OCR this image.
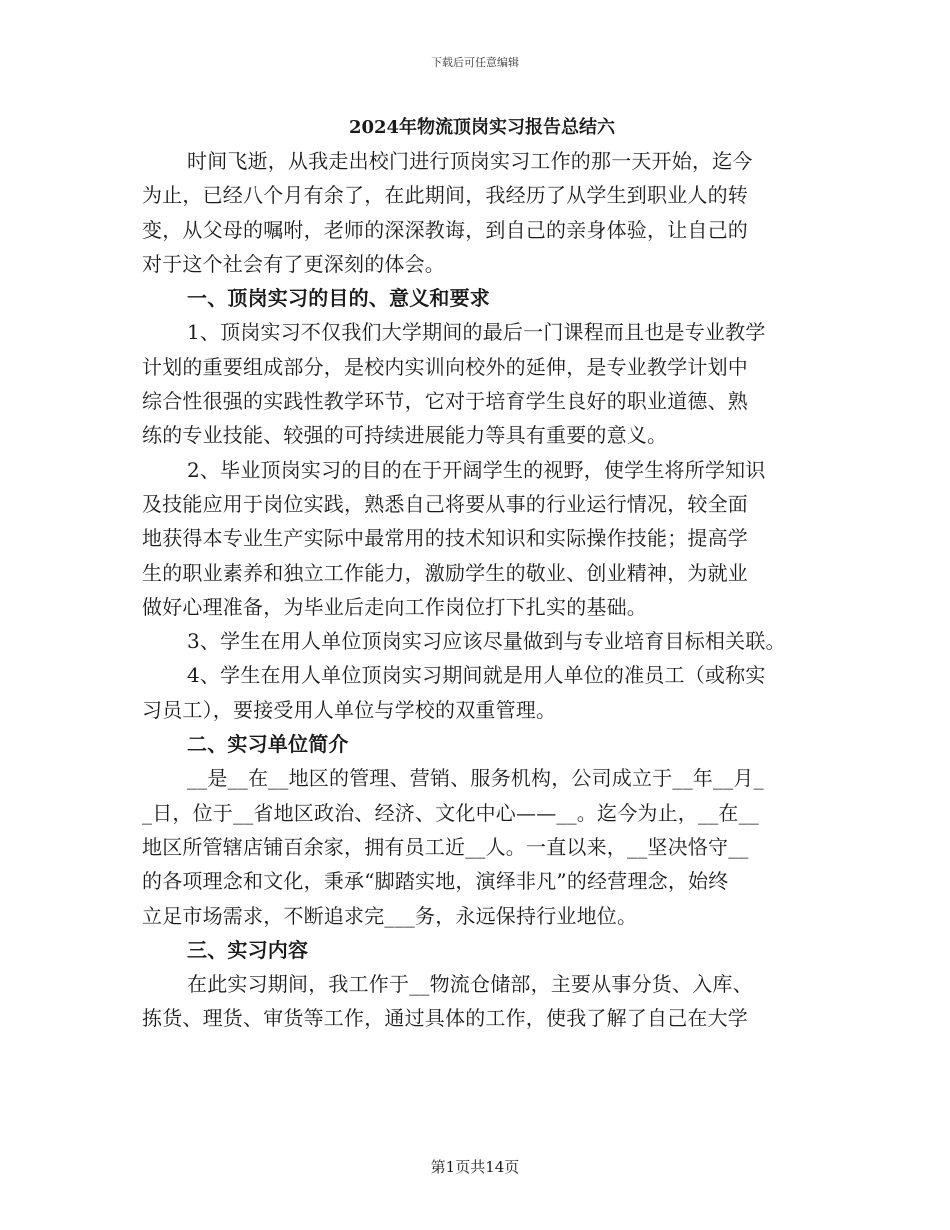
下载后可任意编辑
2024年物流顶岗实习报告总结六
时间飞逝，从我走出校门进行顶岗实习工作的那一天开始，迄今
为止，已经八个月有余了，在此期间，我经历了从学生到职业人的转
变，从父母的嘱咐，老师的深深教诲，到自己的亲身体验，让自己的
对于这个社会有了更深刻的体会。
一、顶岗实习的目的、意义和要求
1、顶岗实习不仅我们大学期间的最后一门课程而且也是专业教学
计划的重要组成部分，是校内实训向校外的延伸，是专业教学计划中
综合性很强的实践性教学环节，它对于培育学生良好的职业道德、熟
练的专业技能、较强的可持续进展能力等具有重要的意义。
2、毕业顶岗实习的目的在于开阔学生的视野，使学生将所学知识
及技能应用于岗位实践，熟悉自己将要从事的行业运行情况，较全面
地获得本专业生产实际中最常用的技术知识和实际操作技能；提高学
生的职业素养和独立工作能力，激励学生的敬业、创业精神，为就业
做好心理准备，为毕业后走向工作岗位打下扎实的基础。
3、学生在用人单位顶岗实习应该尽量做到与专业培育目标相关联。
4、学生在用人单位顶岗实习期间就是用人单位的准员工（或称实
习员工），要接受用人单位与学校的双重管理。
二、实习单位简介
__是__在__地区的管理、营销、服务机构，公司成立于__年__月_
_日，位于__省地区政治、经济、文化中心——__。迄今为止，__在__
地区所管辖店铺百余家，拥有员工近__人。一直以来，__坚决恪守__
的各项理念和文化，秉承“脚踏实地，演绎非凡”的经营理念，始终
立足市场需求，不断追求完___务，永远保持行业地位。
三、实习内容
在此实习期间，我工作于__物流仓储部，主要从事分货、入库、
拣货、理货、审货等工作，通过具体的工作，使我了解了自己在大学
第1页共14页
